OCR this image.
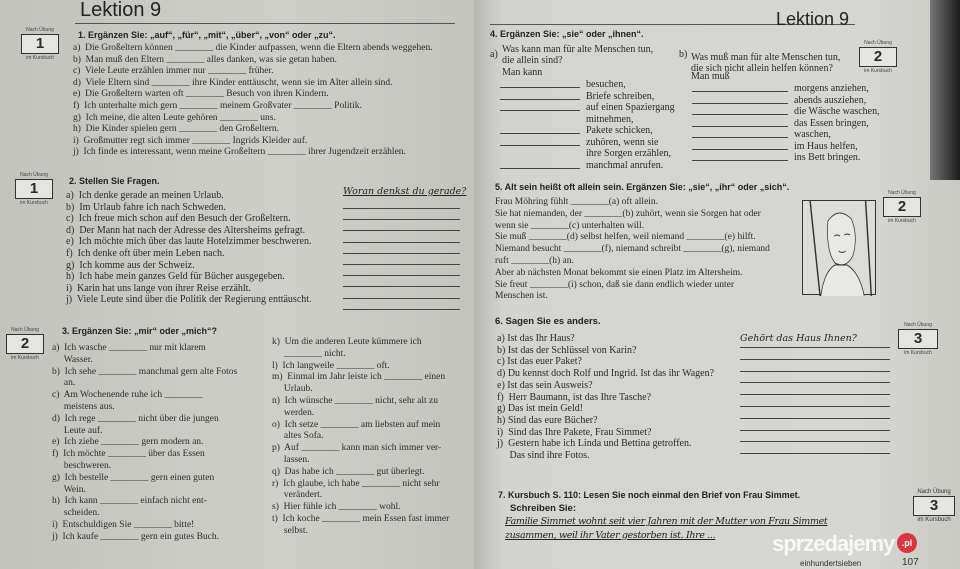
Lektion 9
Nach Übung
1
im Kursbuch
1. Ergänzen Sie: „auf“, „für“, „mit“, „über“, „von“ oder „zu“.
a)  Die Großeltern können ________ die Kinder aufpassen, wenn die Eltern abends weggehen.
b)  Man muß den Eltern ________ alles danken, was sie getan haben.
c)  Viele Leute erzählen immer nur ________ früher.
d)  Viele Eltern sind ________ ihre Kinder enttäuscht, wenn sie im Alter allein sind.
e)  Die Großeltern warten oft ________ Besuch von ihren Kindern.
f)  Ich unterhalte mich gern ________ meinem Großvater ________ Politik.
g)  Ich meine, die alten Leute gehören ________ uns.
h)  Die Kinder spielen gern ________ den Großeltern.
i)  Großmutter regt sich immer ________ Ingrids Kleider auf.
j)  Ich finde es interessant, wenn meine Großeltern ________ ihrer Jugendzeit erzählen.
Nach Übung
1
im Kursbuch
2. Stellen Sie Fragen.
a)  Ich denke gerade an meinen Urlaub.
b)  Im Urlaub fahre ich nach Schweden.
c)  Ich freue mich schon auf den Besuch der Großeltern.
d)  Der Mann hat nach der Adresse des Altersheims gefragt.
e)  Ich möchte mich über das laute Hotelzimmer beschweren.
f)  Ich denke oft über mein Leben nach.
g)  Ich komme aus der Schweiz.
h)  Ich habe mein ganzes Geld für Bücher ausgegeben.
i)  Karin hat uns lange von ihrer Reise erzählt.
j)  Viele Leute sind über die Politik der Regierung enttäuscht.
Woran denkst du gerade?
Nach Übung
2
im Kursbuch
3. Ergänzen Sie: „mir“ oder „mich“?
a)  Ich wasche ________ nur mit klarem
Wasser.
b)  Ich sehe ________ manchmal gern alte Fotos
an.
c)  Am Wochenende ruhe ich ________
meistens aus.
d)  Ich rege ________ nicht über die jungen
Leute auf.
e)  Ich ziehe ________ gern modern an.
f)  Ich möchte ________ über das Essen
beschweren.
g)  Ich bestelle ________ gern einen guten
Wein.
h)  Ich kann ________ einfach nicht ent-
scheiden.
i)  Entschuldigen Sie ________ bitte!
j)  Ich kaufe ________ gern ein gutes Buch.
k)  Um die anderen Leute kümmere ich
________ nicht.
l)  Ich langweile ________ oft.
m)  Einmal im Jahr leiste ich ________ einen
Urlaub.
n)  Ich wünsche ________ nicht, sehr alt zu
werden.
o)  Ich setze ________ am liebsten auf mein
altes Sofa.
p)  Auf ________ kann man sich immer ver-
lassen.
q)  Das habe ich ________ gut überlegt.
r)  Ich glaube, ich habe ________ nicht sehr
verändert.
s)  Hier fühle ich ________ wohl.
t)  Ich koche ________ mein Essen fast immer
selbst.
Lektion 9
4. Ergänzen Sie: „sie“ oder „ihnen“.
Nach Übung
2
im Kursbuch
a) Was kann man für alte Menschen tun,
die allein sind?
Man kann
besuchen,
Briefe schreiben,
auf einen Spaziergang
mitnehmen,
Pakete schicken,
zuhören, wenn sie
ihre Sorgen erzählen,
manchmal anrufen.
b) Was muß man für alte Menschen tun,
die sich nicht allein helfen können?
Man muß
morgens anziehen,
abends ausziehen,
die Wäsche waschen,
das Essen bringen,
waschen,
im Haus helfen,
ins Bett bringen.
5. Alt sein heißt oft allein sein. Ergänzen Sie: „sie“, „ihr“ oder „sich“.
Nach Übung
2
im Kursbuch
Frau Möhring fühlt ________(a) oft allein.
Sie hat niemanden, der ________(b) zuhört, wenn sie Sorgen hat oder
wenn sie ________(c) unterhalten will.
Sie muß ________(d) selbst helfen, weil niemand ________(e) hilft.
Niemand besucht ________(f), niemand schreibt ________(g), niemand
ruft ________(h) an.
Aber ab nächsten Monat bekommt sie einen Platz im Altersheim.
Sie freut ________(i) schon, daß sie dann endlich wieder unter
Menschen ist.
6. Sagen Sie es anders.	Nach Übung
3
im Kursbuch
a) Ist das Ihr Haus?
b) Ist das der Schlüssel von Karin?
c) Ist das euer Paket?
d) Du kennst doch Rolf und Ingrid. Ist das ihr Wagen?
e) Ist das sein Ausweis?
f)  Herr Baumann, ist das Ihre Tasche?
g) Das ist mein Geld!
h) Sind das eure Bücher?
i)  Sind das Ihre Pakete, Frau Simmet?
j)  Gestern habe ich Linda und Bettina getroffen.
Das sind ihre Fotos.
Gehört das Haus Ihnen?
7. Kursbuch S. 110: Lesen Sie noch einmal den Brief von Frau Simmet.
Schreiben Sie:
Nach Übung
3
im Kursbuch
Familie Simmet wohnt seit vier Jahren mit der Mutter von Frau Simmet
zusammen, weil ihr Vater gestorben ist. Ihre ...	sprzedajemy .pl
einhundertsieben	107
